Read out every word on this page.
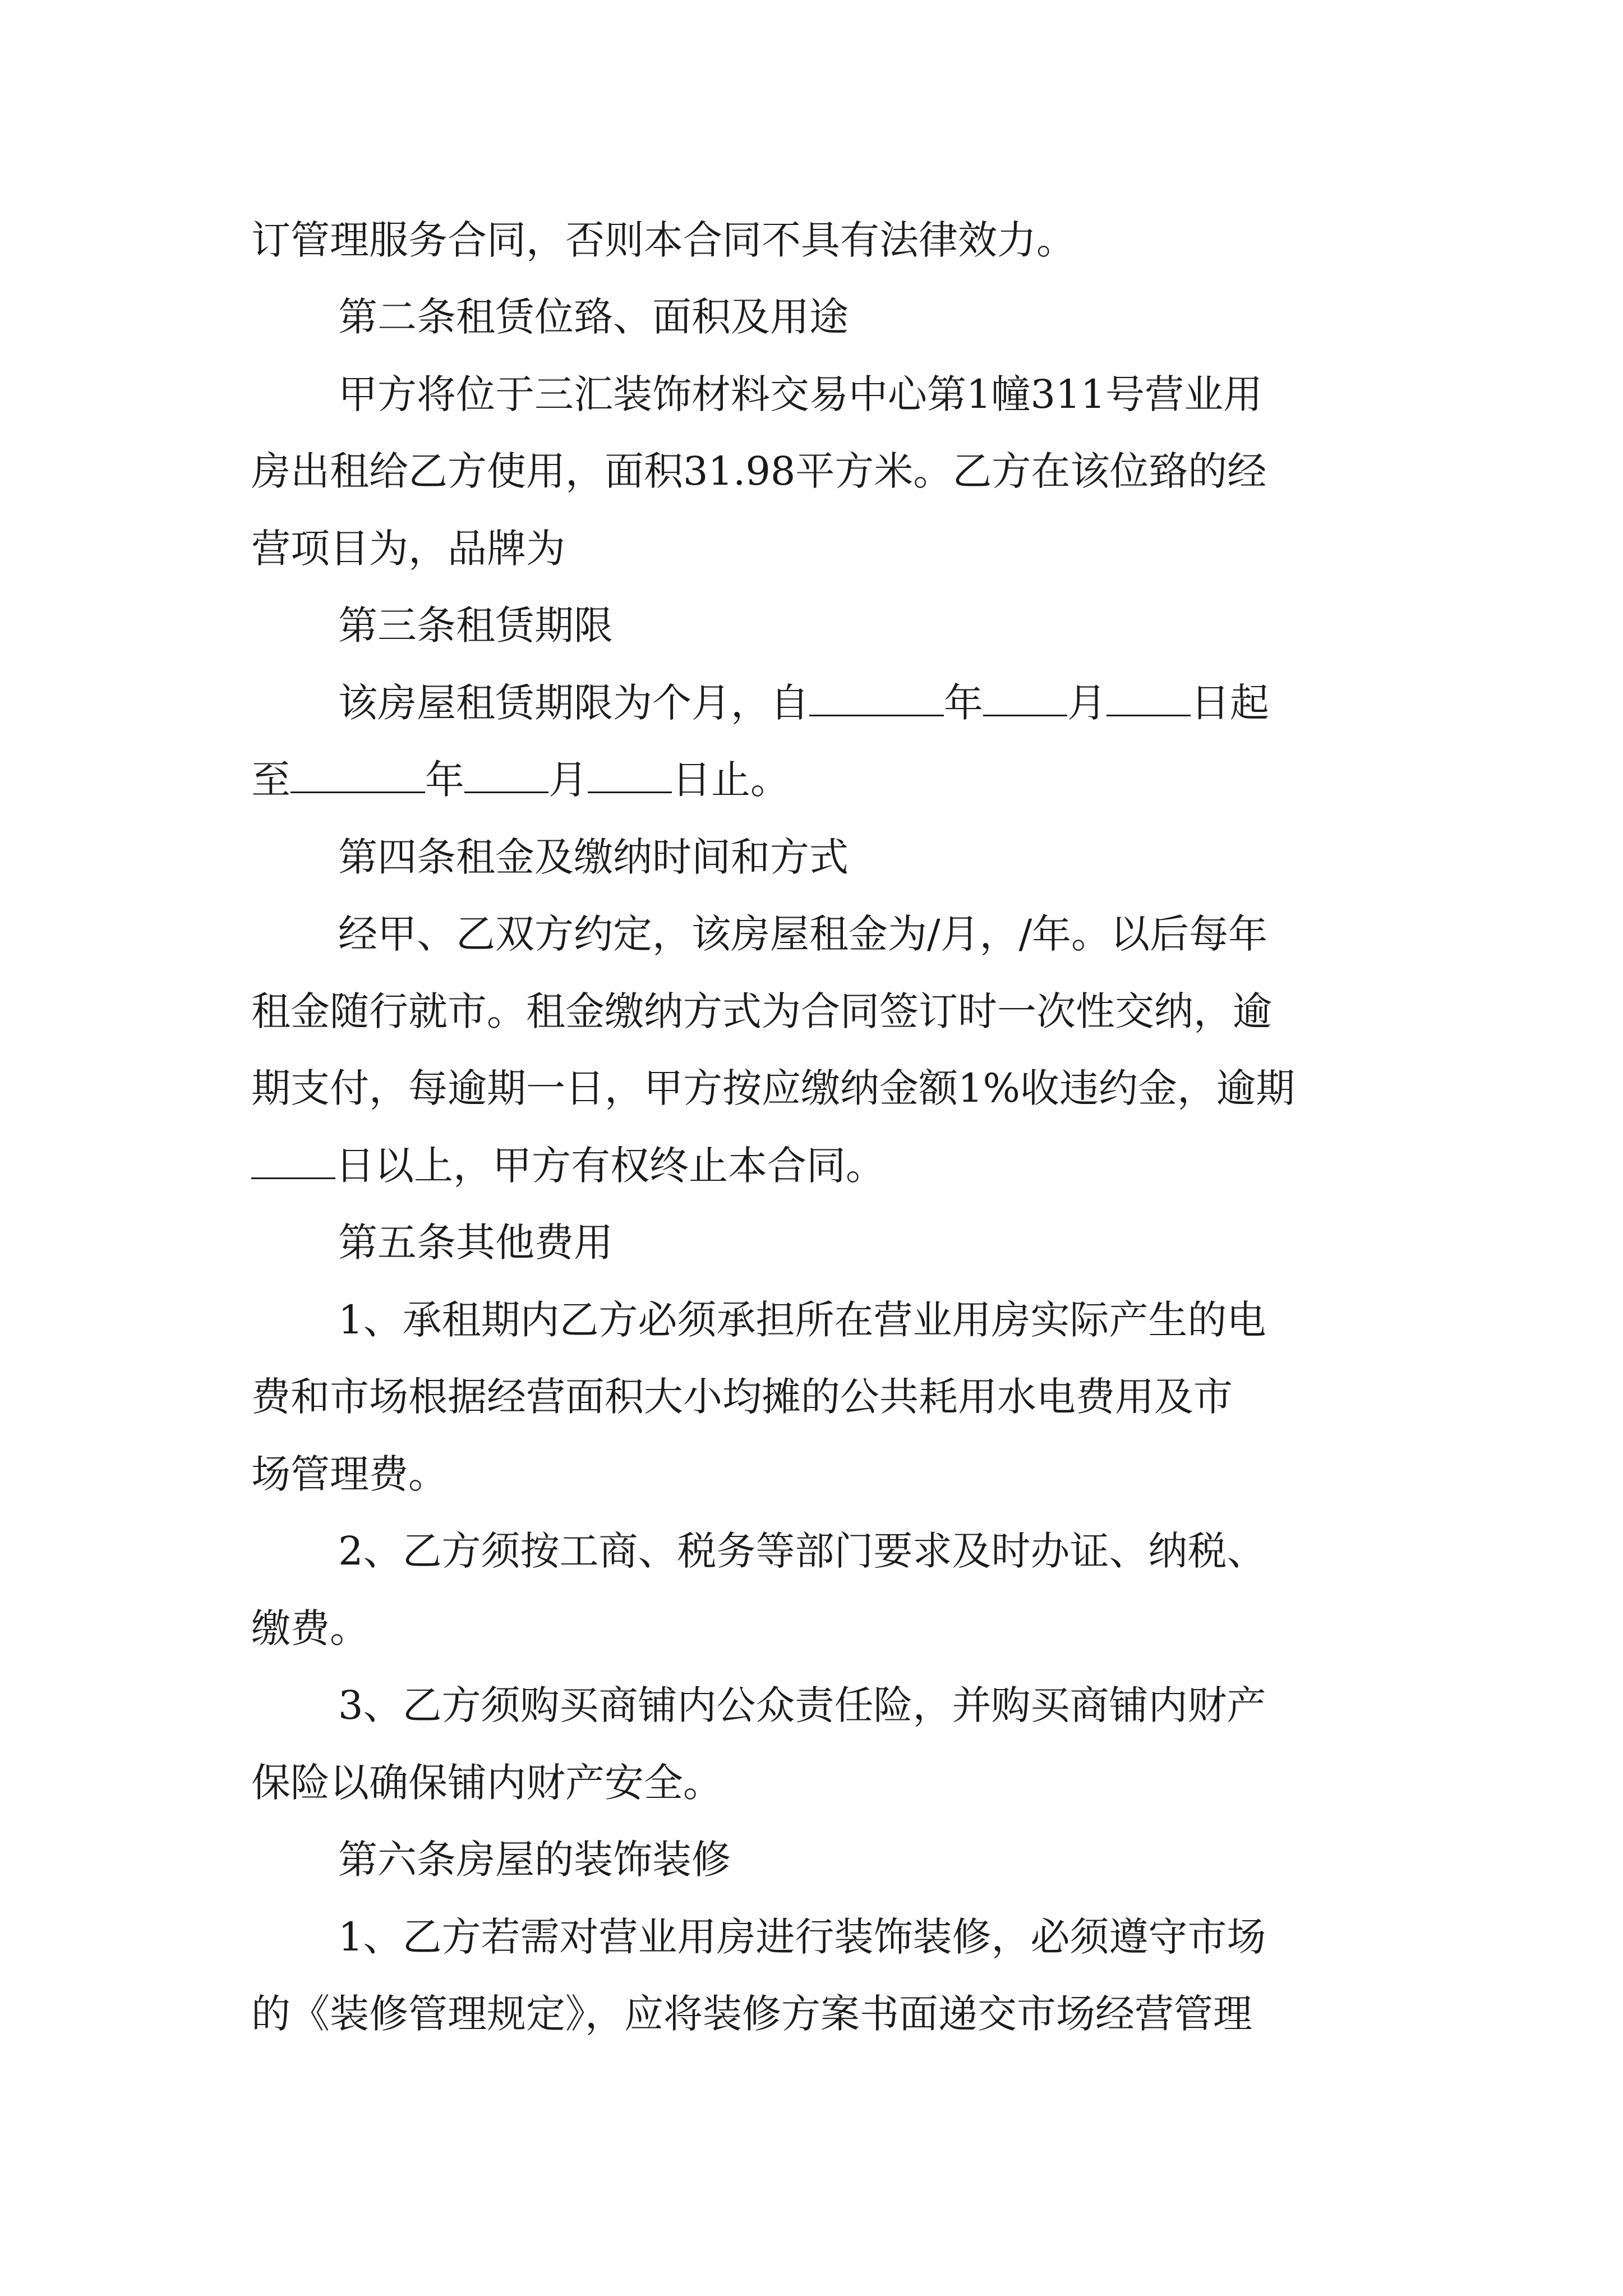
订管理服务合同，否则本合同不具有法律效力。
第二条租赁位臵、面积及用途
甲方将位于三汇装饰材料交易中心第1幢311号营业用
房出租给乙方使用，面积31.98平方米。乙方在该位臵的经
营项目为，品牌为
第三条租赁期限
该房屋租赁期限为个月，自	年 月 日起
至	年 月 日止。
第四条租金及缴纳时间和方式
经甲、乙双方约定，该房屋租金为/月，/年。以后每年
租金随行就市。租金缴纳方式为合同签订时一次性交纳，逾
期支付，每逾期一日，甲方按应缴纳金额1%收违约金，逾期
日以上，甲方有权终止本合同。
第五条其他费用
1、承租期内乙方必须承担所在营业用房实际产生的电
费和市场根据经营面积大小均摊的公共耗用水电费用及市
场管理费。
2、乙方须按工商、税务等部门要求及时办证、纳税、
缴费。
3、乙方须购买商铺内公众责任险，并购买商铺内财产
保险以确保铺内财产安全。
第六条房屋的装饰装修
1、乙方若需对营业用房进行装饰装修，必须遵守市场
的《装修管理规定》，应将装修方案书面递交市场经营管理
